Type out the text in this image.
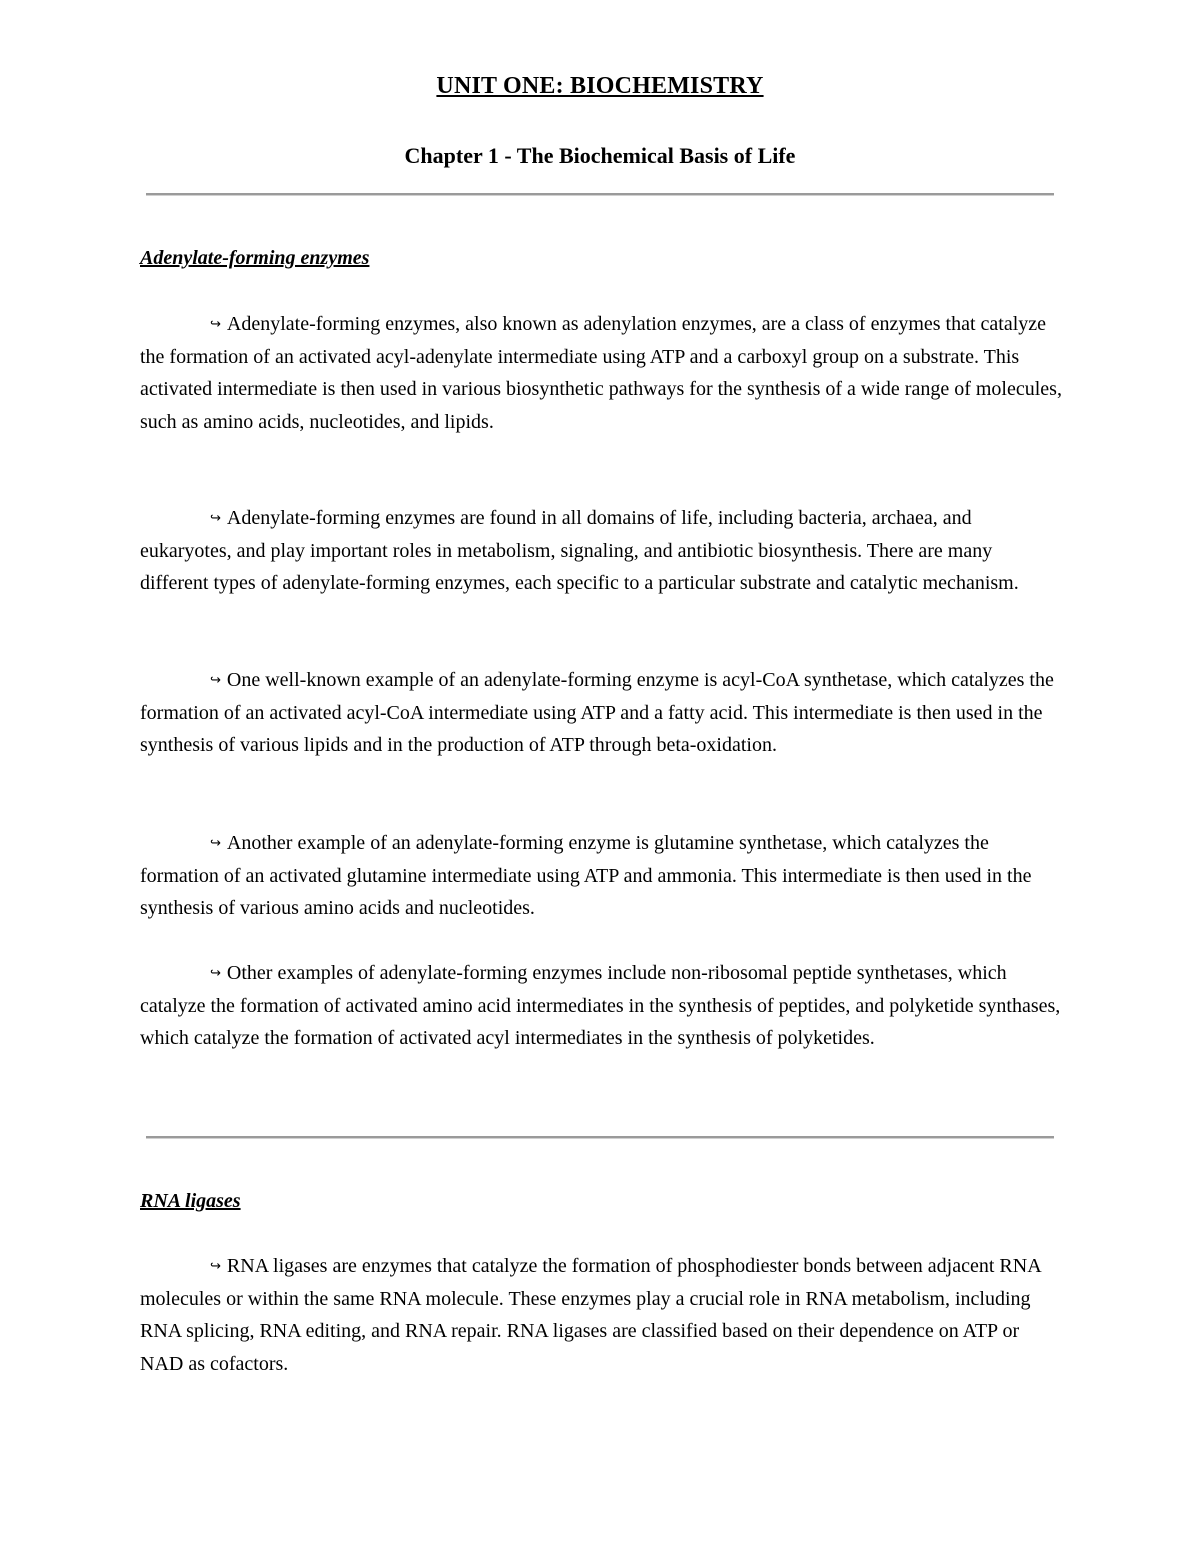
UNIT ONE: BIOCHEMISTRY
Chapter 1 - The Biochemical Basis of Life
Adenylate-forming enzymes

↪ Adenylate-forming enzymes, also known as adenylation enzymes, are a class of enzymes that catalyze the formation of an activated acyl-adenylate intermediate using ATP and a carboxyl group on a substrate. This activated intermediate is then used in various biosynthetic pathways for the synthesis of a wide range of molecules, such as amino acids, nucleotides, and lipids.

↪ Adenylate-forming enzymes are found in all domains of life, including bacteria, archaea, and eukaryotes, and play important roles in metabolism, signaling, and antibiotic biosynthesis. There are many different types of adenylate-forming enzymes, each specific to a particular substrate and catalytic mechanism.

↪ One well-known example of an adenylate-forming enzyme is acyl-CoA synthetase, which catalyzes the formation of an activated acyl-CoA intermediate using ATP and a fatty acid. This intermediate is then used in the synthesis of various lipids and in the production of ATP through beta-oxidation.

↪ Another example of an adenylate-forming enzyme is glutamine synthetase, which catalyzes the formation of an activated glutamine intermediate using ATP and ammonia. This intermediate is then used in the synthesis of various amino acids and nucleotides.

↪ Other examples of adenylate-forming enzymes include non-ribosomal peptide synthetases, which catalyze the formation of activated amino acid intermediates in the synthesis of peptides, and polyketide synthases, which catalyze the formation of activated acyl intermediates in the synthesis of polyketides.

RNA ligases

↪ RNA ligases are enzymes that catalyze the formation of phosphodiester bonds between adjacent RNA molecules or within the same RNA molecule. These enzymes play a crucial role in RNA metabolism, including RNA splicing, RNA editing, and RNA repair. RNA ligases are classified based on their dependence on ATP or NAD as cofactors.
